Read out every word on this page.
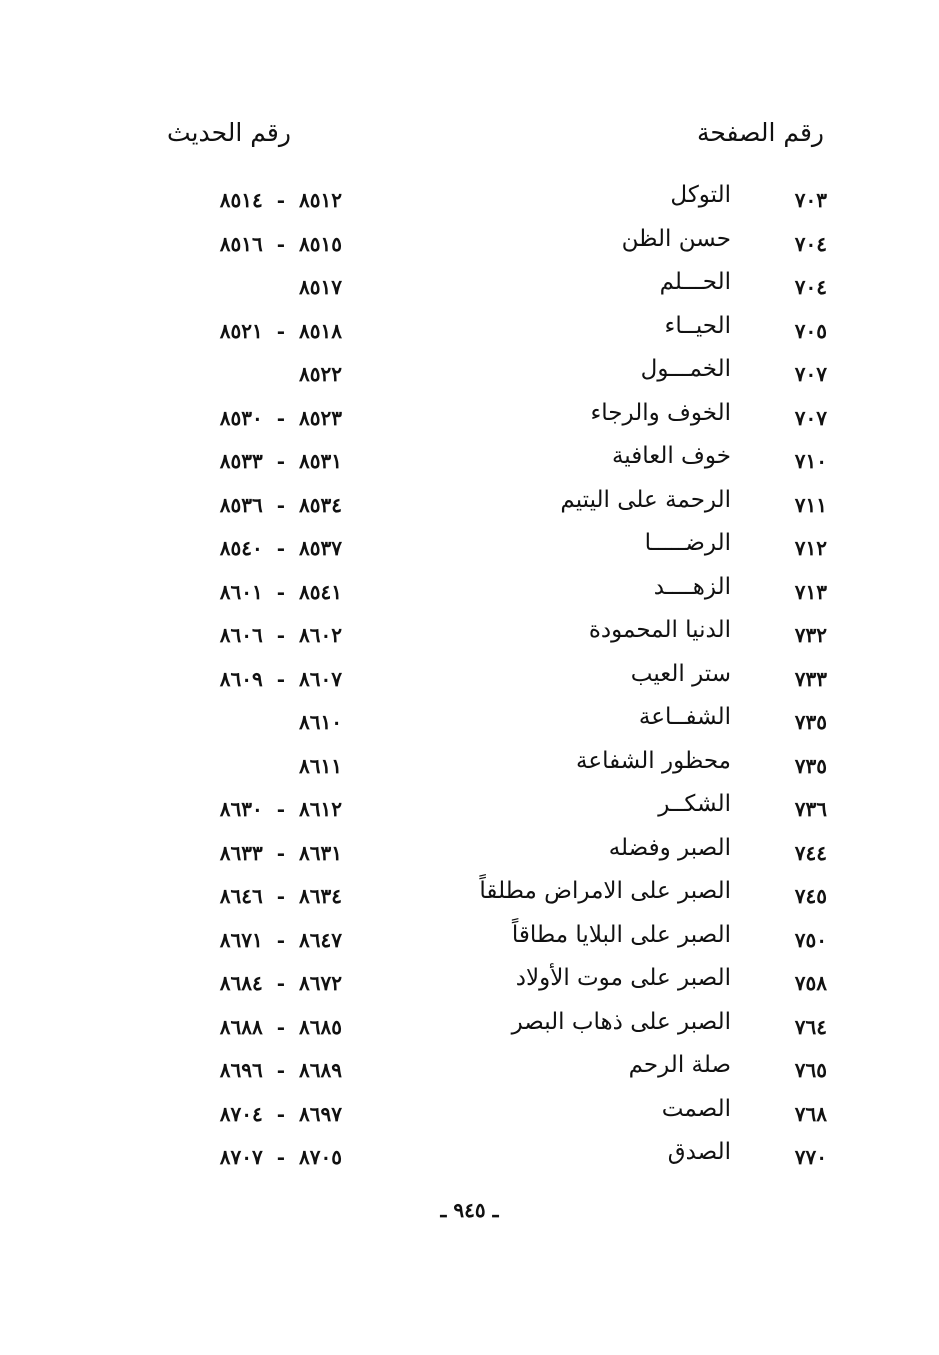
رقم الصفحة
رقم الحديث
٧٠٣
التوكل
٨٥١٢-٨٥١٤
٧٠٤
حسن الظن
٨٥١٥-٨٥١٦
٧٠٤
الحـــلم
٨٥١٧
٧٠٥
الحيــاء
٨٥١٨-٨٥٢١
٧٠٧
الخمـــول
٨٥٢٢
٧٠٧
الخوف والرجاء
٨٥٢٣-٨٥٣٠
٧١٠
خوف العافية
٨٥٣١-٨٥٣٣
٧١١
الرحمة على اليتيم
٨٥٣٤-٨٥٣٦
٧١٢
الرضـــــا
٨٥٣٧-٨٥٤٠
٧١٣
الزهــــد
٨٥٤١-٨٦٠١
٧٣٢
الدنيا المحمودة
٨٦٠٢-٨٦٠٦
٧٣٣
ستر العيب
٨٦٠٧-٨٦٠٩
٧٣٥
الشفــاعة
٨٦١٠
٧٣٥
محظور الشفاعة
٨٦١١
٧٣٦
الشكــر
٨٦١٢-٨٦٣٠
٧٤٤
الصبر وفضله
٨٦٣١-٨٦٣٣
٧٤٥
الصبر على الامراض مطلقاً
٨٦٣٤-٨٦٤٦
٧٥٠
الصبر على البلايا مطاقاً
٨٦٤٧-٨٦٧١
٧٥٨
الصبر على موت الأولاد
٨٦٧٢-٨٦٨٤
٧٦٤
الصبر على ذهاب البصر
٨٦٨٥-٨٦٨٨
٧٦٥
صلة الرحم
٨٦٨٩-٨٦٩٦
٧٦٨
الصمت
٨٦٩٧-٨٧٠٤
٧٧٠
الصدق
٨٧٠٥-٨٧٠٧
ـ ٩٤٥ ـ
